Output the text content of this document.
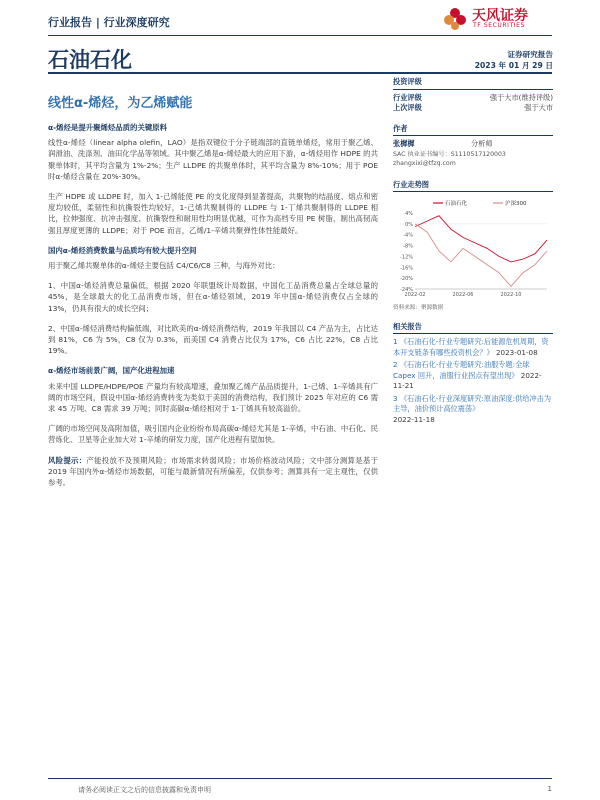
行业报告 | 行业深度研究	天风证券
TF SECURITIES
石油石化
线性α-烯烃，为乙烯赋能
α-烯烃是提升聚烯烃品质的关键原料

线性α-烯烃（linear alpha olefin，LAO）是指双键位于分子链端部的直链单烯烃，常用于聚乙烯、润滑油、洗涤剂、油田化学品等领域。其中聚乙烯是α-烯烃最大的应用下游，α-烯烃用作 HDPE 的共聚单体时，其平均含量为 1%-2%；生产 LLDPE 的共聚单体时，其平均含量为 8%-10%；用于 POE 时α-烯烃含量在 20%-30%。

生产 HDPE 或 LLDPE 时，加入 1-己烯能使 PE 的支化度得到显著提高，共聚物的结晶度、熔点和密度均较低，柔韧性和抗撕裂性均较好，1-己烯共聚制得的 LLDPE 与 1-丁烯共聚制得的 LLDPE 相比，拉伸强度、抗冲击强度、抗撕裂性和耐用性均明显优越，可作为高档专用 PE 树脂，制出高韧高强且厚度更薄的 LLDPE；对于 POE 而言，乙烯/1-辛烯共聚弹性体性能最好。

国内α-烯烃消费数量与品质均有较大提升空间

用于聚乙烯共聚单体的α-烯烃主要包括 C4/C6/C8 三种，与海外对比：

1、中国α-烯烃消费总量偏低，根据 2020 年联盟统计局数据，中国化工品消费总量占全球总量的 45%，是全球最大的化工品消费市场，但在α-烯烃领域，2019 年中国α-烯烃消费仅占全球的 13%，仍具有很大的成长空间；

2、中国α-烯烃消费结构偏低端，对比欧美的α-烯烃消费结构，2019 年我国以 C4 产品为主，占比达到 81%，C6 为 5%，C8 仅为 0.3%，而美国 C4 消费占比仅为 17%，C6 占比 22%，C8 占比 19%。

α-烯烃市场前景广阔，国产化进程加速

未来中国 LLDPE/HDPE/POE 产量均有较高增速，叠加聚乙烯产品品质提升，1-己烯、1-辛烯具有广阔的市场空间，假设中国α-烯烃消费转变为类似于美国的消费结构，我们预计 2025 年对应的 C6 需求 45 万吨、C8 需求 39 万吨；同时高碳α-烯烃相对于 1-丁烯具有较高溢价。

广阔的市场空间及高附加值，吸引国内企业纷纷布局高碳α-烯烃尤其是 1-辛烯，中石油、中石化、民营炼化、卫星等企业加大对 1-辛烯的研发力度，国产化进程有望加快。

风险提示：产能投放不及预期风险；市场需求转弱风险；市场价格波动风险；文中部分测算是基于 2019 年国内外α-烯烃市场数据，可能与最新情况有所偏差，仅供参考；测算具有一定主观性，仅供参考。

证券研究报告
2023 年 01 月 29 日
投资评级
行业评级	强于大市(维持评级)
上次评级	强于大市
作者
张樨樨	分析师
SAC 执业证书编号：S1110517120003
zhangxixi@tfzq.com
行业走势图
4%
0%
-4%
-8%
-12%
-16%
-20%
-24%
2022-02	2022-06	2022-10
石油石化	沪深300
资料来源：聚源数据
相关报告
1 《石油石化-行业专题研究:后能源危机周期，资本开支链条有哪些投资机会？》 2023-01-08
2 《石油石化-行业专题研究:油服专题:全球 Capex 回升，油服行业拐点有望出现》 2022-11-21
3 《石油石化-行业深度研究:原油深度:供给冲击为主导，油价预计高位震荡》
2022-11-18
请务必阅读正文之后的信息披露和免责申明	1
